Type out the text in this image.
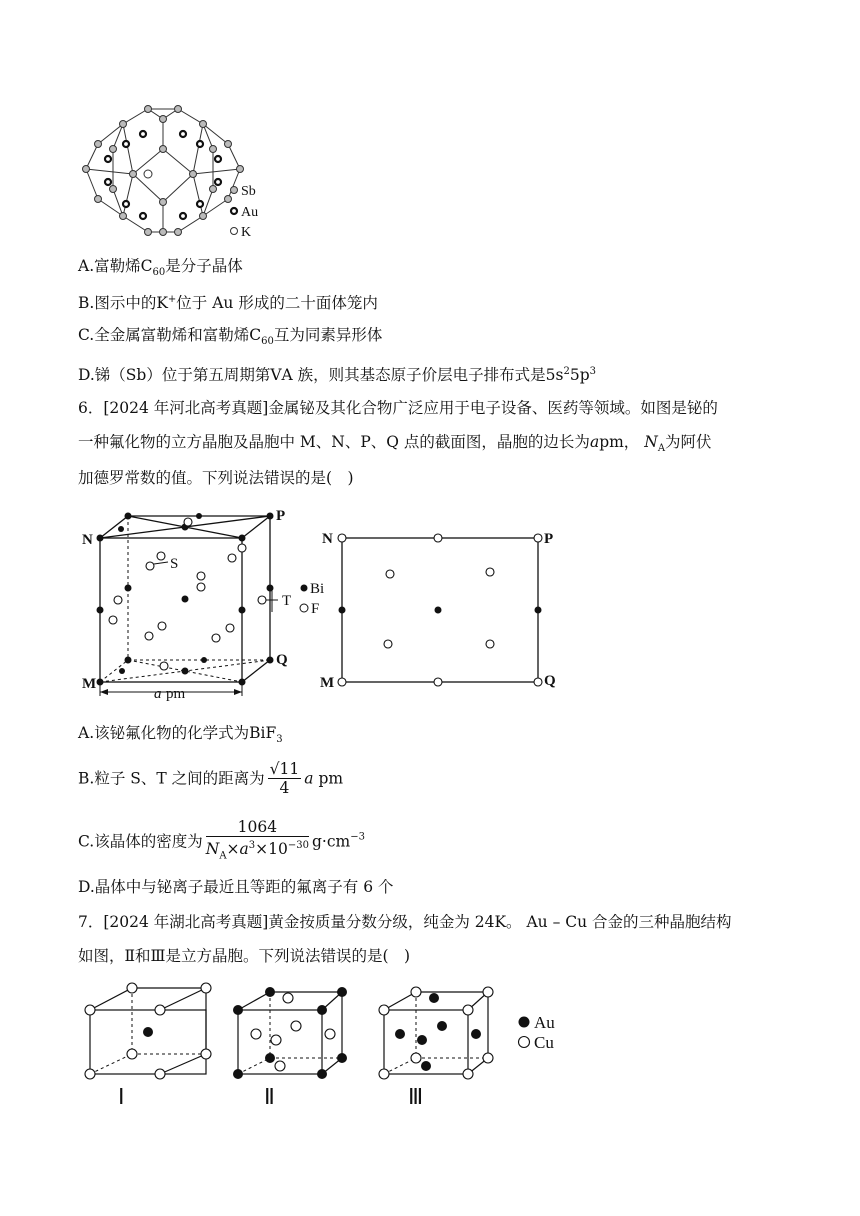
Sb
Au
K
A.富勒烯$C_{60}$是分子晶体
B.图示中的K+位于 Au 形成的二十面体笼内
C.全金属富勒烯和富勒烯$C_{60}$互为同素异形体
D.锑（Sb）位于第五周期第ⅤA 族，则其基态原子价层电子排布式是$5s^25p^3$
6．[2024 年河北高考真题]金属铋及其化合物广泛应用于电子设备、医药等领域。如图是铋的
一种氟化物的立方晶胞及晶胞中 M、N、P、Q 点的截面图，晶胞的边长为apm， $N_A$为阿伏
加德罗常数的值。下列说法错误的是(　)
N
P
M
Q
S
T
a pm
Bi
F
N	P
M	Q
A.该铋氟化物的化学式为BiF$_3$
B.粒子 S、T 之间的距离为 $\frac{√11}{4}$ a pm
C.该晶体的密度为 $\frac{1064}{N_A\times a^3\times 10^{-30}} g\cdot cm^{-3}$
D.晶体中与铋离子最近且等距的氟离子有 6 个
7．[2024 年湖北高考真题]黄金按质量分数分级，纯金为 24K。 Au – Cu 合金的三种晶胞结构
如图，Ⅱ和Ⅲ是立方晶胞。下列说法错误的是(　)
Au
Cu
Ⅰ	Ⅱ	Ⅲ
